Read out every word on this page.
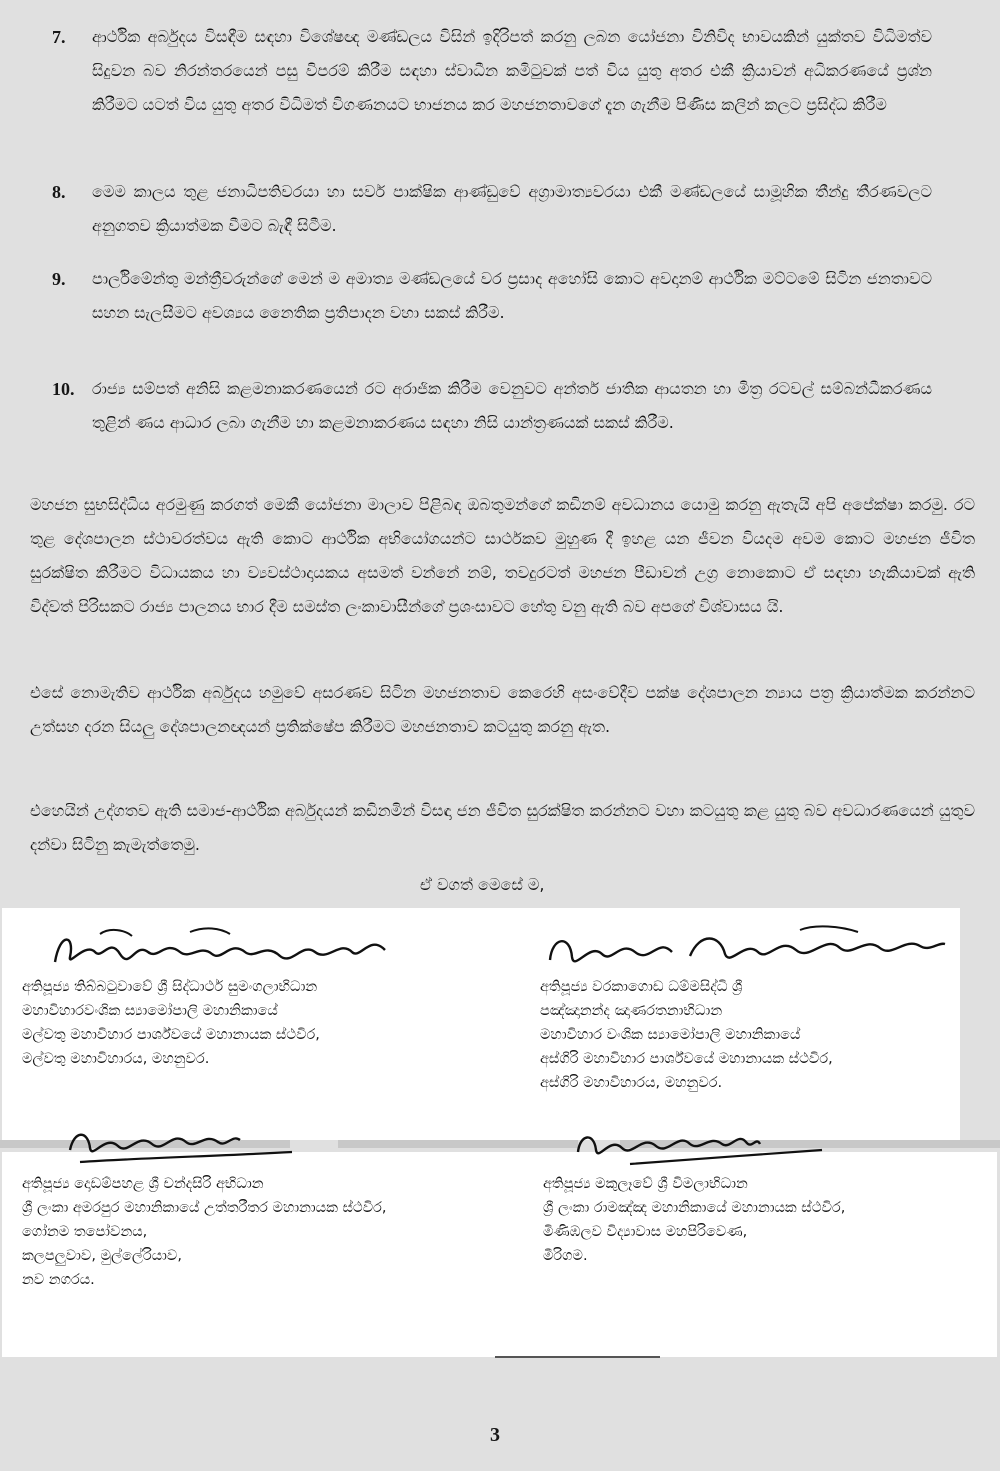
7. ආර්ථික අර්බුදය විසඳීම සඳහා විශේෂඥ මණ්ඩලය විසින් ඉදිරිපත් කරනු ලබන යෝජනා විනිවිද භාවයකින් යුක්තව විධිමත්ව සිදුවන බව නිරන්තරයෙන් පසු විපරම් කිරීම සඳහා ස්වාධීන කමිටුවක් පත් විය යුතු අතර එකී ක්‍රියාවන් අධිකරණයේ ප්‍රශ්න කිරීමට යටත් විය යුතු අතර විධිමත් විගණනයට භාජනය කර මහජනතාවගේ දැන ගැනීම පිණිස කලින් කලට ප්‍රසිද්ධ කිරීම
8. මෙම කාලය තුළ ජනාධිපතිවරයා හා සර්ව පාක්ෂික ආණ්ඩුවේ අග්‍රාමාත්‍යවරයා එකී මණ්ඩලයේ සාමූහික තීන්දු තීරණවලට අනුගතව ක්‍රියාත්මක වීමට බැඳී සිටීම.
9. පාර්ලිමේන්තු මන්ත්‍රීවරුන්ගේ මෙන් ම අමාත්‍ය මණ්ඩලයේ වර ප්‍රසාද අහෝසි කොට අවදානම් ආර්ථික මට්ටමේ සිටින ජනතාවට සහන සැලසීමට අවශ්‍යය නෛතික ප්‍රතිපාදන වහා සකස් කිරීම.
10. රාජ්‍ය සම්පත් අනිසි කළමනාකරණයෙන් රට අරාජික කිරීම වෙනුවට අන්තර් ජාතික ආයතන හා මිත්‍ර රටවල් සම්බන්ධීකරණය තුළින් ණය ආධාර ලබා ගැනීම හා කළමනාකරණය සඳහා නිසි යාන්ත්‍රණයක් සකස් කිරීම.
මහජන සුභසිද්ධිය අරමුණු කරගත් මෙකී යෝජනා මාලාව පිළිබඳ ඔබතුමන්ගේ කඩිනම් අවධානය යොමු කරනු ඇතැයි අපි අපේක්ෂා කරමු. රට තුළ දේශපාලන ස්ථාවරත්වය ඇති කොට ආර්ථික අභියෝගයන්ට සාර්ථකව මුහුණ දී ඉහළ යන ජීවන වියදම අවම කොට මහජන ජීවිත සුරක්ෂිත කිරීමට විධායකය හා ව්‍යවස්ථාදායකය අසමත් වන්නේ නම්, තවදුරටත් මහජන පීඩාවන් උග්‍ර නොකොට ඒ සඳහා හැකියාවක් ඇති විද්වත් පිරිසකට රාජ්‍ය පාලනය භාර දීම සමස්ත ලංකාවාසීන්ගේ ප්‍රශංසාවට හේතු වනු ඇති බව අපගේ විශ්වාසය යි.
එසේ නොමැතිව ආර්ථික අර්බුදය හමුවේ අසරණව සිටින මහජනතාව කෙරෙහි අසංවේදීව පක්ෂ දේශපාලන න්‍යාය පත්‍ර ක්‍රියාත්මක කරන්නට උත්සහ දරන සියලු දේශපාලනඥයන් ප්‍රතික්ෂේප කිරීමට මහජනතාව කටයුතු කරනු ඇත.
එහෙයින් උද්ගතව ඇති සමාජ-ආර්ථික අර්බුදයන් කඩිනමින් විසඳා ජන ජීවිත සුරක්ෂිත කරන්නට වහා කටයුතු කළ යුතු බව අවධාරණයෙන් යුතුව දන්වා සිටිනු කැමැත්තෙමු.
ඒ වගත් මෙසේ ම,
අතිපූජ්‍ය තිබ්බටුවාවේ ශ්‍රී සිද්ධාර්ථ සුමංගලාභිධාන
මහාවිහාරවංශික ස්‍යාමෝපාලි මහානිකායේ
මල්වතු මහාවිහාර පාර්ශ්වයේ මහානායක ස්ථවිර,
මල්වතු මහාවිහාරය, මහනුවර.
අතිපූජ්‍ය වරකාගොඩ ධම්මසිද්ධි ශ්‍රී
පඤ්ඤානන්ද ඤාණරතනාභිධාන
මහාවිහාර වංශික ස්‍යාමෝපාලි මහානිකායේ
අස්ගිරි මහාවිහාර පාර්ශ්වයේ මහානායක ස්ථවිර,
අස්ගිරි මහාවිහාරය, මහනුවර.
අතිපූජ්‍ය දොඩම්පහළ ශ්‍රී චන්දසිරි අභිධාන
ශ්‍රී ලංකා අමරපුර මහානිකායේ උත්තරීතර මහානායක ස්ථවිර,
ගෝනම තපෝවනය,
කලපලුවාව, මුල්ලේරියාව,
නව නගරය.
අතිපූජ්‍ය මකුලෑවේ ශ්‍රී විමලාභිධාන
ශ්‍රී ලංකා රාමඤ්ඤ මහානිකායේ මහානායක ස්ථවිර,
මිණිඹලව විද්‍යාවාස මහපිරිවෙණ,
මීරිගම.
3
